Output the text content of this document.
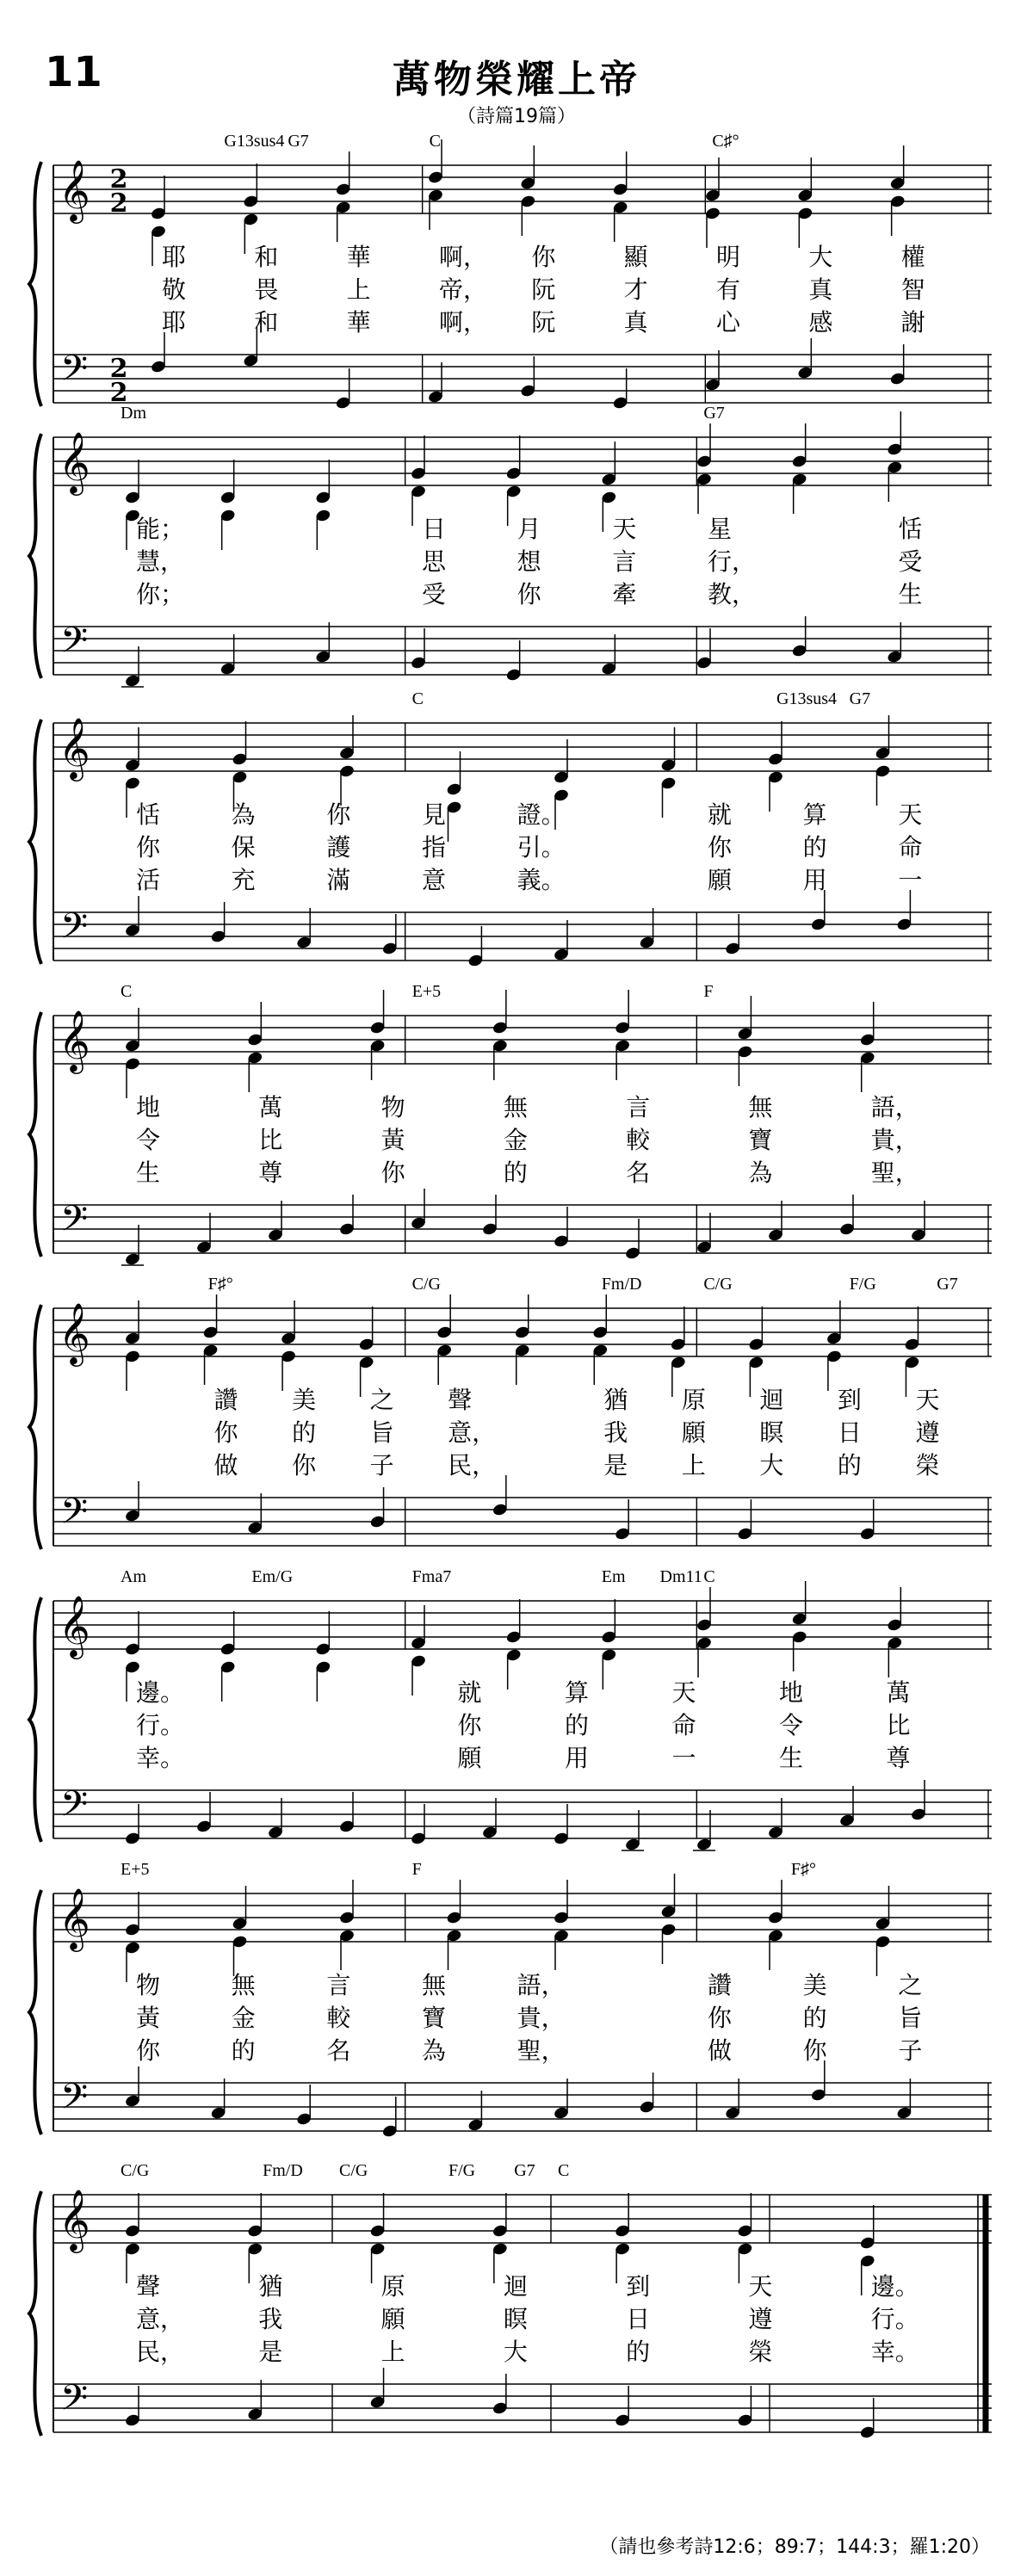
11	萬物榮耀上帝
（詩篇19篇）
𝄞
𝄢
2
2
2
2
G13sus4 G7	C	C♯°
耶	和	華	啊， 你	顯	明	大	權
敬	畏	上	帝， 阮	才	有	真	智
耶	和	華	啊， 阮	真	心	感	謝
𝄞
𝄢
Dm	G7
能；	日	月	天	星	恬
慧，	思	想	言	行，	受
你；	受	你	牽	教，	生
𝄞
𝄢
C	G13sus4 G7
恬	為	你	見	證。	就	算	天
你	保	護	指	引。	你	的	命
活	充	滿	意	義。	願	用	一
𝄞
𝄢
C	E+5	F
地	萬	物	無	言	無	語，
令	比	黃	金	較	寶	貴，
生	尊	你	的	名	為	聖，
𝄞
𝄢
F♯°	C/G	Fm/D	C/G	F/G	G7
讚 美 之 聲	猶 原 迴 到 天
你 的 旨 意，	我 願 瞑 日 遵
做 你 子 民，	是 上 大 的 榮
𝄞
𝄢
Am	Em/G	Fma7	Em Dm11 C
邊。	就	算	天	地	萬
行。	你	的	命	令	比
幸。	願	用	一	生	尊
𝄞
𝄢
E+5	F	F♯°
物	無	言	無	語，	讚	美	之
黃	金	較	寶	貴，	你	的	旨
你	的	名	為	聖，	做	你	子
𝄞
𝄢
C/G	Fm/D C/G	F/G G7 C
聲	猶	原	迴	到	天	邊。
意，	我	願	瞑	日	遵	行。
民，	是	上	大	的	榮	幸。
（請也參考詩12:6；89:7；144:3；羅1:20）
